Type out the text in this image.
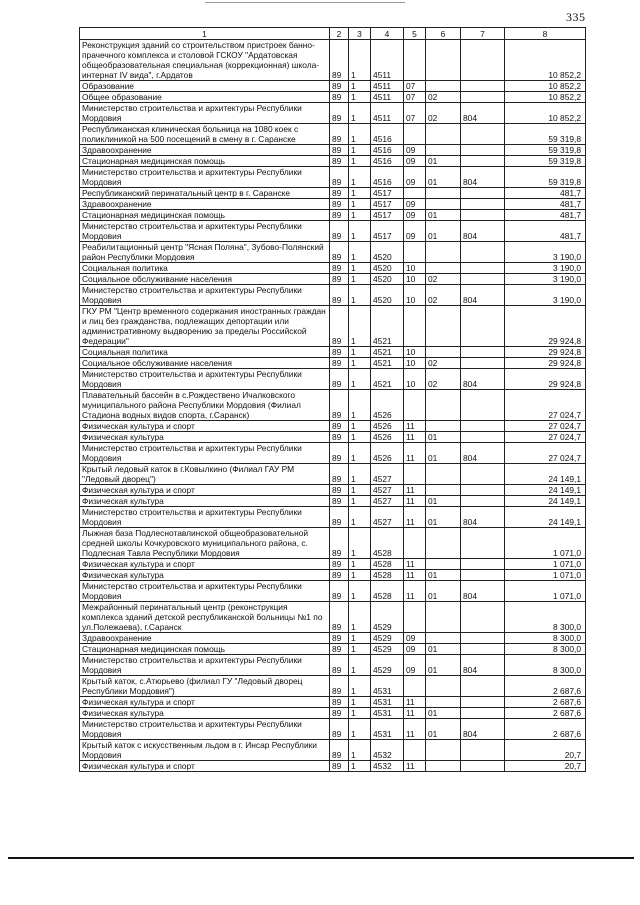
335
1	2	3	4	5	6	7	8
Реконструкция зданий со строительством пристроек банно-прачечного комплекса и столовой ГСКОУ "Ардатовская общеобразовательная специальная (коррекционная) школа-интернат IV вида", г.Ардатов	89	1	4511				10 852,2
Образование	89	1	4511	07			10 852,2
Общее образование	89	1	4511	07	02		10 852,2
Министерство строительства и архитектуры Республики Мордовия	89	1	4511	07	02	804	10 852,2
Республиканская клиническая больница на 1080 коек с поликлиникой на 500 посещений в смену в г. Саранске	89	1	4516				59 319,8
Здравоохранение	89	1	4516	09			59 319,8
Стационарная медицинская помощь	89	1	4516	09	01		59 319,8
Министерство строительства и архитектуры Республики Мордовия	89	1	4516	09	01	804	59 319,8
Республиканский перинатальный центр в г. Саранске	89	1	4517				481,7
Здравоохранение	89	1	4517	09			481,7
Стационарная медицинская помощь	89	1	4517	09	01		481,7
Министерство строительства и архитектуры Республики Мордовия	89	1	4517	09	01	804	481,7
Реабилитационный центр "Ясная Поляна", Зубово-Полянский район Республики Мордовия	89	1	4520				3 190,0
Социальная политика	89	1	4520	10			3 190,0
Социальное обслуживание населения	89	1	4520	10	02		3 190,0
Министерство строительства и архитектуры Республики Мордовия	89	1	4520	10	02	804	3 190,0
ГКУ РМ "Центр временного содержания иностранных граждан и лиц без гражданства, подлежащих депортации или административному выдворению за пределы Российской Федерации"	89	1	4521				29 924,8
Социальная политика	89	1	4521	10			29 924,8
Социальное обслуживание населения	89	1	4521	10	02		29 924,8
Министерство строительства и архитектуры Республики Мордовия	89	1	4521	10	02	804	29 924,8
Плавательный бассейн в с.Рождествено Ичалковского муниципального района Республики Мордовия (Филиал Стадиона водных видов спорта, г.Саранск)	89	1	4526				27 024,7
Физическая культура и спорт	89	1	4526	11			27 024,7
Физическая культура	89	1	4526	11	01		27 024,7
Министерство строительства и архитектуры Республики Мордовия	89	1	4526	11	01	804	27 024,7
Крытый ледовый каток в г.Ковылкино (Филиал ГАУ РМ "Ледовый дворец")	89	1	4527				24 149,1
Физическая культура и спорт	89	1	4527	11			24 149,1
Физическая культура	89	1	4527	11	01		24 149,1
Министерство строительства и архитектуры Республики Мордовия	89	1	4527	11	01	804	24 149,1
Лыжная база Подлеснотавлинской общеобразовательной средней школы Кочкуровского муниципального района, с. Подлесная Тавла Республики Мордовия	89	1	4528				1 071,0
Физическая культура и спорт	89	1	4528	11			1 071,0
Физическая культура	89	1	4528	11	01		1 071,0
Министерство строительства и архитектуры Республики Мордовия	89	1	4528	11	01	804	1 071,0
Межрайонный перинатальный центр (реконструкция комплекса зданий детской республиканской больницы №1 по ул.Полежаева), г.Саранск	89	1	4529				8 300,0
Здравоохранение	89	1	4529	09			8 300,0
Стационарная медицинская помощь	89	1	4529	09	01		8 300,0
Министерство строительства и архитектуры Республики Мордовия	89	1	4529	09	01	804	8 300,0
Крытый каток, с.Атюрьево (филиал ГУ "Ледовый дворец Республики Мордовия")	89	1	4531				2 687,6
Физическая культура и спорт	89	1	4531	11			2 687,6
Физическая культура	89	1	4531	11	01		2 687,6
Министерство строительства и архитектуры Республики Мордовия	89	1	4531	11	01	804	2 687,6
Крытый каток с искусственным льдом в г. Инсар Республики Мордовия	89	1	4532				20,7
Физическая культура и спорт	89	1	4532	11			20,7
